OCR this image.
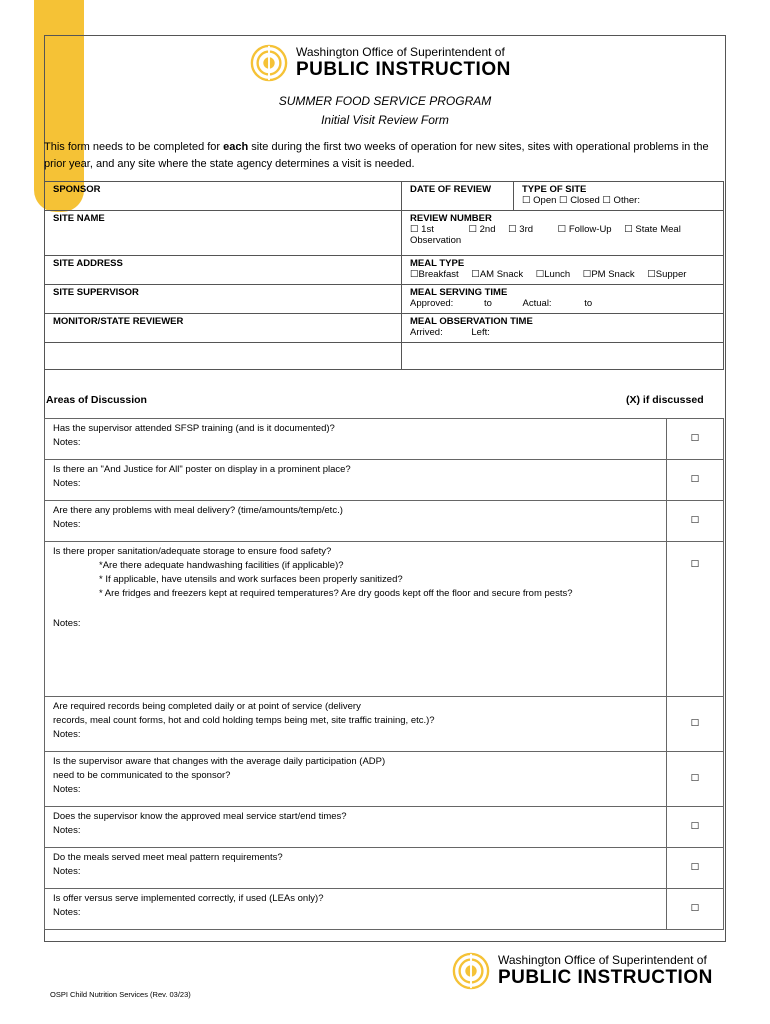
Washington Office of Superintendent of
PUBLIC INSTRUCTION
SUMMER FOOD SERVICE PROGRAM
Initial Visit Review Form
This form needs to be completed for each site during the first two weeks of operation for new sites, sites with operational problems in the prior year, and any site where the state agency determines a visit is needed.
SPONSOR	DATE OF REVIEW	TYPE OF SITE
☐ Open ☐ Closed ☐ Other:

SITE NAME	REVIEW NUMBER
☐ 1st ☐ 2nd ☐ 3rd ☐ Follow-Up ☐ State Meal
Observation	

SITE ADDRESS	MEAL TYPE
☐Breakfast ☐AM Snack ☐Lunch ☐PM Snack ☐Supper	

SITE SUPERVISOR	MEAL SERVING TIME
Approved: to Actual: to	

MONITOR/STATE REVIEWER	MEAL OBSERVATION TIME
Arrived: Left:	

Areas of Discussion	(X) if discussed
Has the supervisor attended SFSP training (and is it documented)?
Notes:	☐

Is there an "And Justice for All" poster on display in a prominent place?
Notes:	☐

Are there any problems with meal delivery? (time/amounts/temp/etc.)
Notes:	☐

Is there proper sanitation/adequate storage to ensure food safety?
*Are there adequate handwashing facilities (if applicable)?
* If applicable, have utensils and work surfaces been properly sanitized?
* Are fridges and freezers kept at required temperatures? Are dry goods kept off the floor and secure from pests?
Notes:	☐

Are required records being completed daily or at point of service (delivery
records, meal count forms, hot and cold holding temps being met, site traffic training, etc.)?
Notes:	☐

Is the supervisor aware that changes with the average daily participation (ADP)
need to be communicated to the sponsor?
Notes:	☐

Does the supervisor know the approved meal service start/end times?
Notes:	☐

Do the meals served meet meal pattern requirements?
Notes:	☐

Is offer versus serve implemented correctly, if used (LEAs only)?
Notes:	☐
Washington Office of Superintendent of
PUBLIC INSTRUCTION
OSPI Child Nutrition Services (Rev. 03/23)
